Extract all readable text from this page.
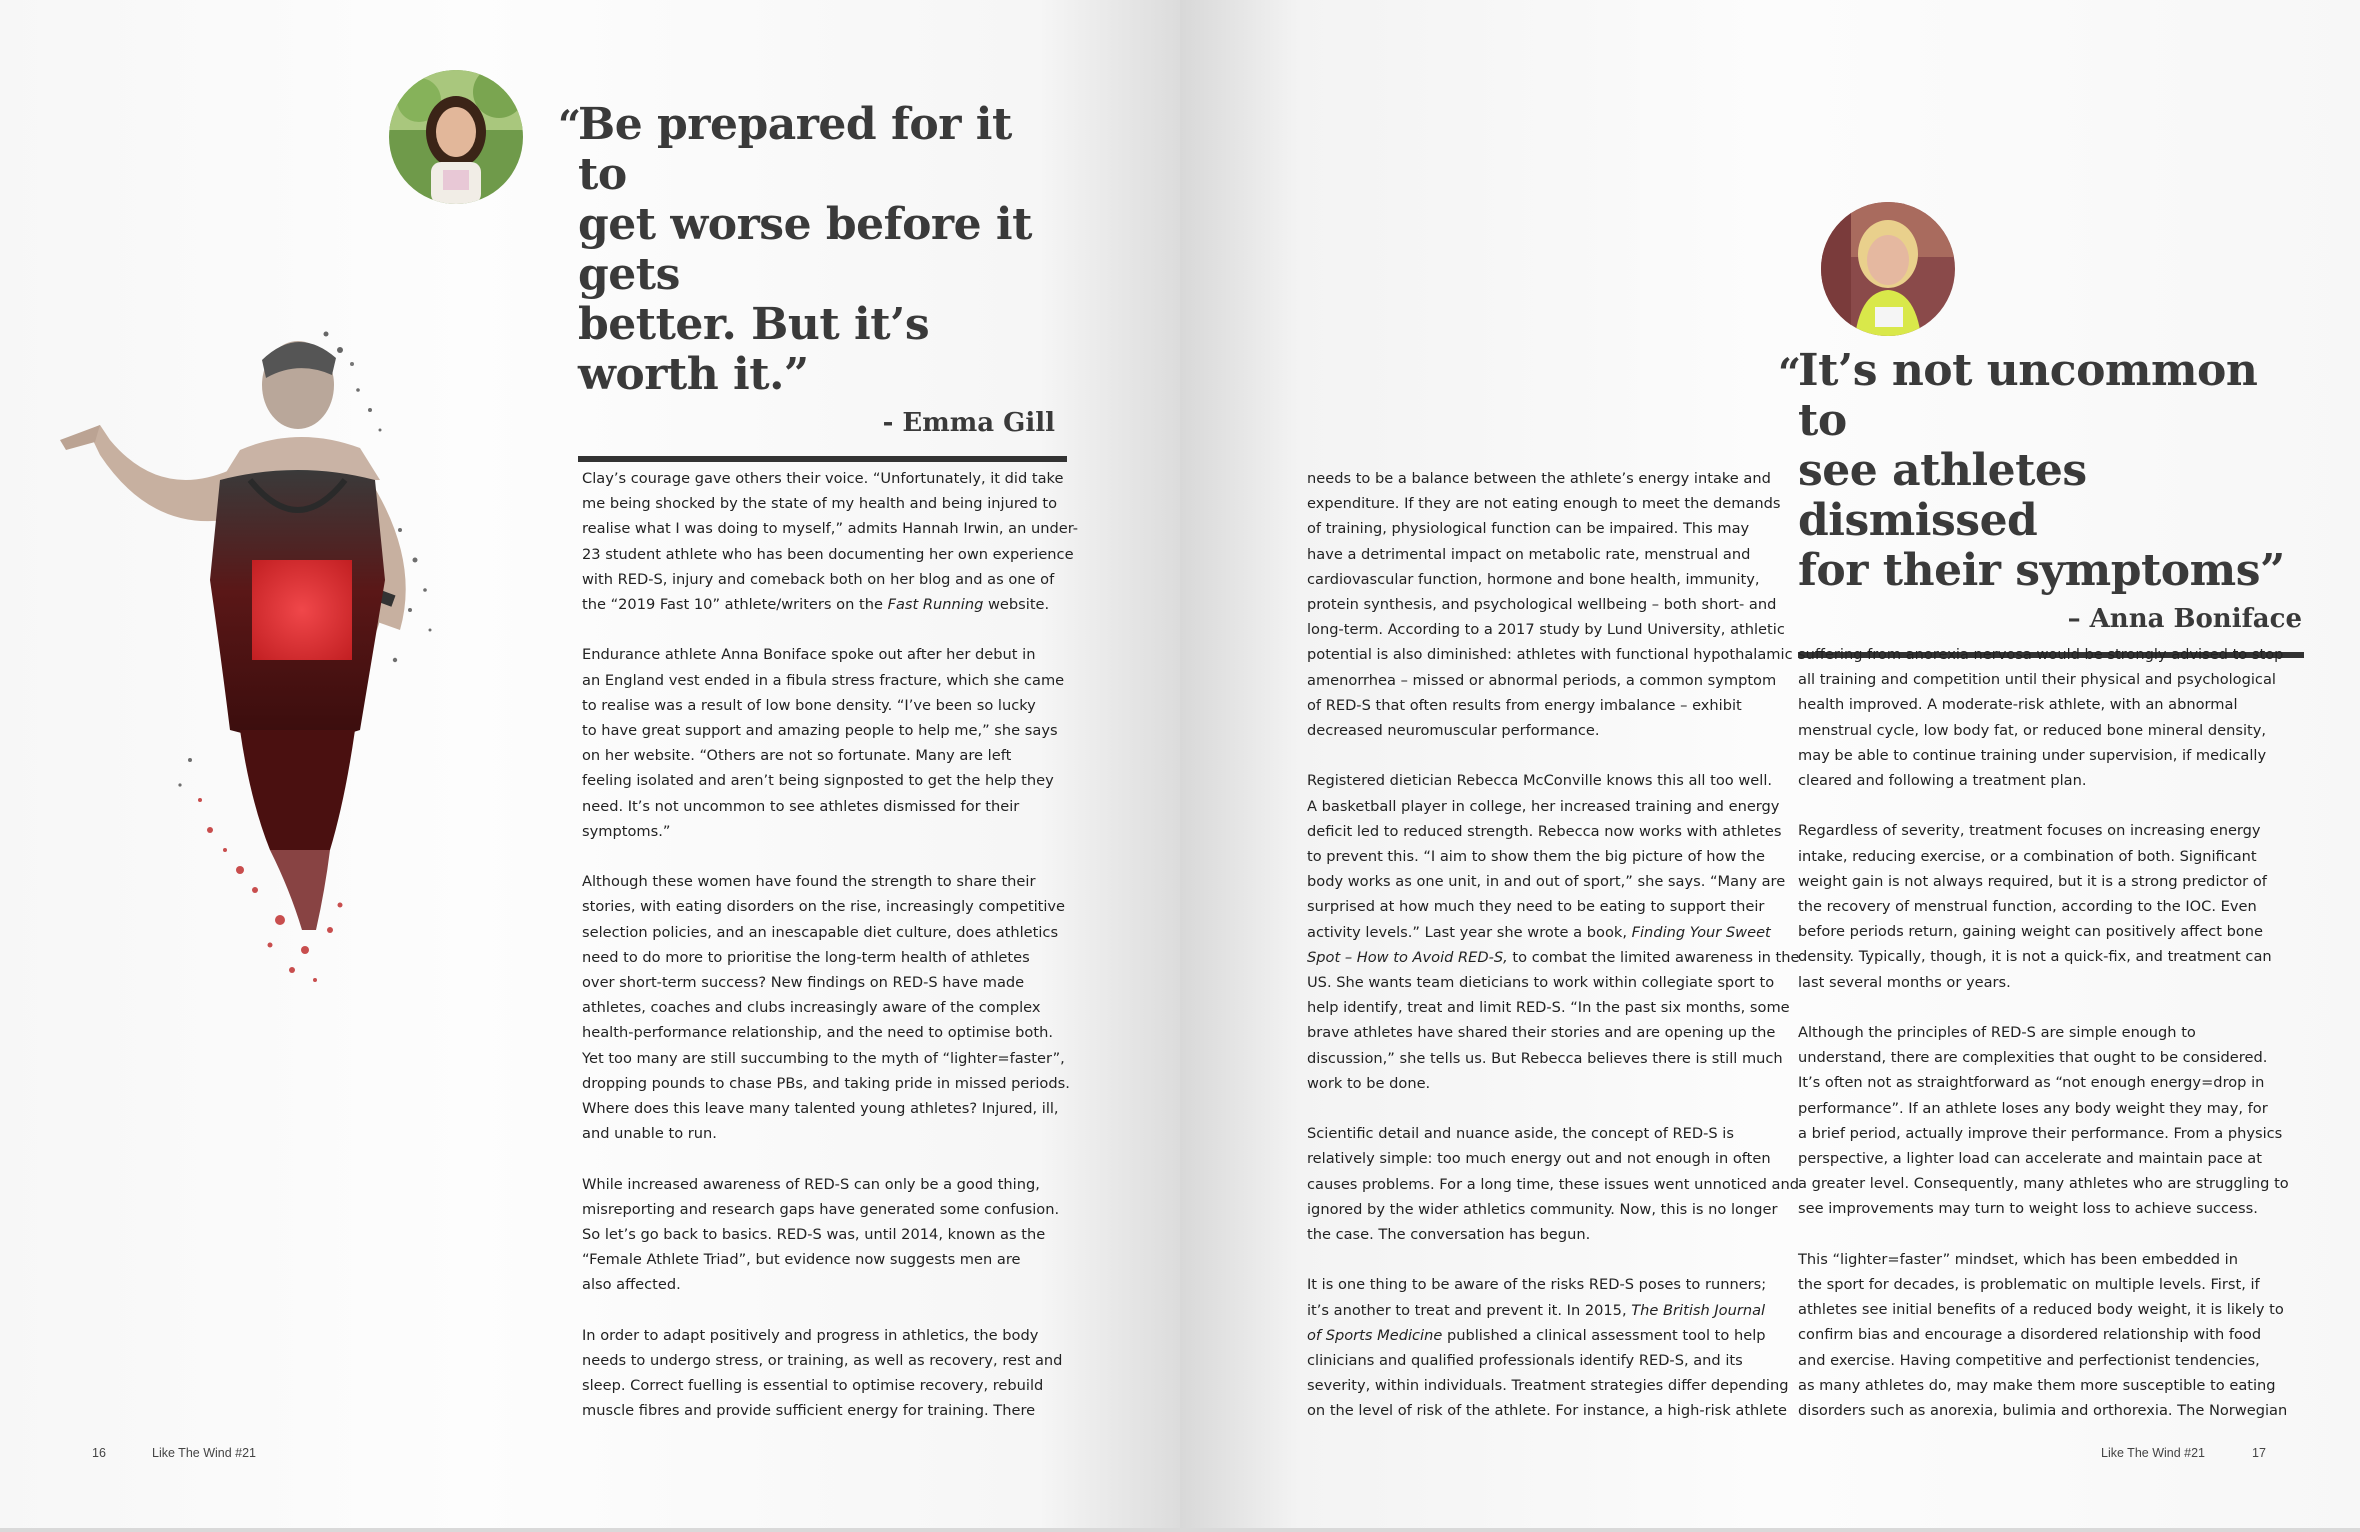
“
Be prepared for it to
get worse before it gets
better. But it’s worth it.”
- Emma Gill

Clay’s courage gave others their voice. “Unfortunately, it did take
me being shocked by the state of my health and being injured to
realise what I was doing to myself,” admits Hannah Irwin, an under-
23 student athlete who has been documenting her own experience
with RED-S, injury and comeback both on her blog and as one of
the “2019 Fast 10” athlete/writers on the Fast Running website.

Endurance athlete Anna Boniface spoke out after her debut in
an England vest ended in a fibula stress fracture, which she came
to realise was a result of low bone density. “I’ve been so lucky
to have great support and amazing people to help me,” she says
on her website. “Others are not so fortunate. Many are left
feeling isolated and aren’t being signposted to get the help they
need. It’s not uncommon to see athletes dismissed for their
symptoms.”

Although these women have found the strength to share their
stories, with eating disorders on the rise, increasingly competitive
selection policies, and an inescapable diet culture, does athletics
need to do more to prioritise the long-term health of athletes
over short-term success? New findings on RED-S have made
athletes, coaches and clubs increasingly aware of the complex
health-performance relationship, and the need to optimise both.
Yet too many are still succumbing to the myth of “lighter=faster”,
dropping pounds to chase PBs, and taking pride in missed periods.
Where does this leave many talented young athletes? Injured, ill,
and unable to run.

While increased awareness of RED-S can only be a good thing,
misreporting and research gaps have generated some confusion.
So let’s go back to basics. RED-S was, until 2014, known as the
“Female Athlete Triad”, but evidence now suggests men are
also affected.

In order to adapt positively and progress in athletics, the body
needs to undergo stress, or training, as well as recovery, rest and
sleep. Correct fuelling is essential to optimise recovery, rebuild
muscle fibres and provide sufficient energy for training. There

16	Like The Wind #21
“
It’s not uncommon to
see athletes dismissed
for their symptoms”
– Anna Boniface

needs to be a balance between the athlete’s energy intake and
expenditure. If they are not eating enough to meet the demands
of training, physiological function can be impaired. This may
have a detrimental impact on metabolic rate, menstrual and
cardiovascular function, hormone and bone health, immunity,
protein synthesis, and psychological wellbeing – both short- and
long-term. According to a 2017 study by Lund University, athletic
potential is also diminished: athletes with functional hypothalamic
amenorrhea – missed or abnormal periods, a common symptom
of RED-S that often results from energy imbalance – exhibit
decreased neuromuscular performance.

Registered dietician Rebecca McConville knows this all too well.
A basketball player in college, her increased training and energy
deficit led to reduced strength. Rebecca now works with athletes
to prevent this. “I aim to show them the big picture of how the
body works as one unit, in and out of sport,” she says. “Many are
surprised at how much they need to be eating to support their
activity levels.” Last year she wrote a book, Finding Your Sweet
Spot – How to Avoid RED-S, to combat the limited awareness in the
US. She wants team dieticians to work within collegiate sport to
help identify, treat and limit RED-S. “In the past six months, some
brave athletes have shared their stories and are opening up the
discussion,” she tells us. But Rebecca believes there is still much
work to be done.

Scientific detail and nuance aside, the concept of RED-S is
relatively simple: too much energy out and not enough in often
causes problems. For a long time, these issues went unnoticed and
ignored by the wider athletics community. Now, this is no longer
the case. The conversation has begun.

It is one thing to be aware of the risks RED-S poses to runners;
it’s another to treat and prevent it. In 2015, The British Journal
of Sports Medicine published a clinical assessment tool to help
clinicians and qualified professionals identify RED-S, and its
severity, within individuals. Treatment strategies differ depending
on the level of risk of the athlete. For instance, a high-risk athlete

suffering from anorexia nervosa would be strongly advised to stop
all training and competition until their physical and psychological
health improved. A moderate-risk athlete, with an abnormal
menstrual cycle, low body fat, or reduced bone mineral density,
may be able to continue training under supervision, if medically
cleared and following a treatment plan.

Regardless of severity, treatment focuses on increasing energy
intake, reducing exercise, or a combination of both. Significant
weight gain is not always required, but it is a strong predictor of
the recovery of menstrual function, according to the IOC. Even
before periods return, gaining weight can positively affect bone
density. Typically, though, it is not a quick-fix, and treatment can
last several months or years.

Although the principles of RED-S are simple enough to
understand, there are complexities that ought to be considered.
It’s often not as straightforward as “not enough energy=drop in
performance”. If an athlete loses any body weight they may, for
a brief period, actually improve their performance. From a physics
perspective, a lighter load can accelerate and maintain pace at
a greater level. Consequently, many athletes who are struggling to
see improvements may turn to weight loss to achieve success.

This “lighter=faster” mindset, which has been embedded in
the sport for decades, is problematic on multiple levels. First, if
athletes see initial benefits of a reduced body weight, it is likely to
confirm bias and encourage a disordered relationship with food
and exercise. Having competitive and perfectionist tendencies,
as many athletes do, may make them more susceptible to eating
disorders such as anorexia, bulimia and orthorexia. The Norwegian

Like The Wind #21	17
